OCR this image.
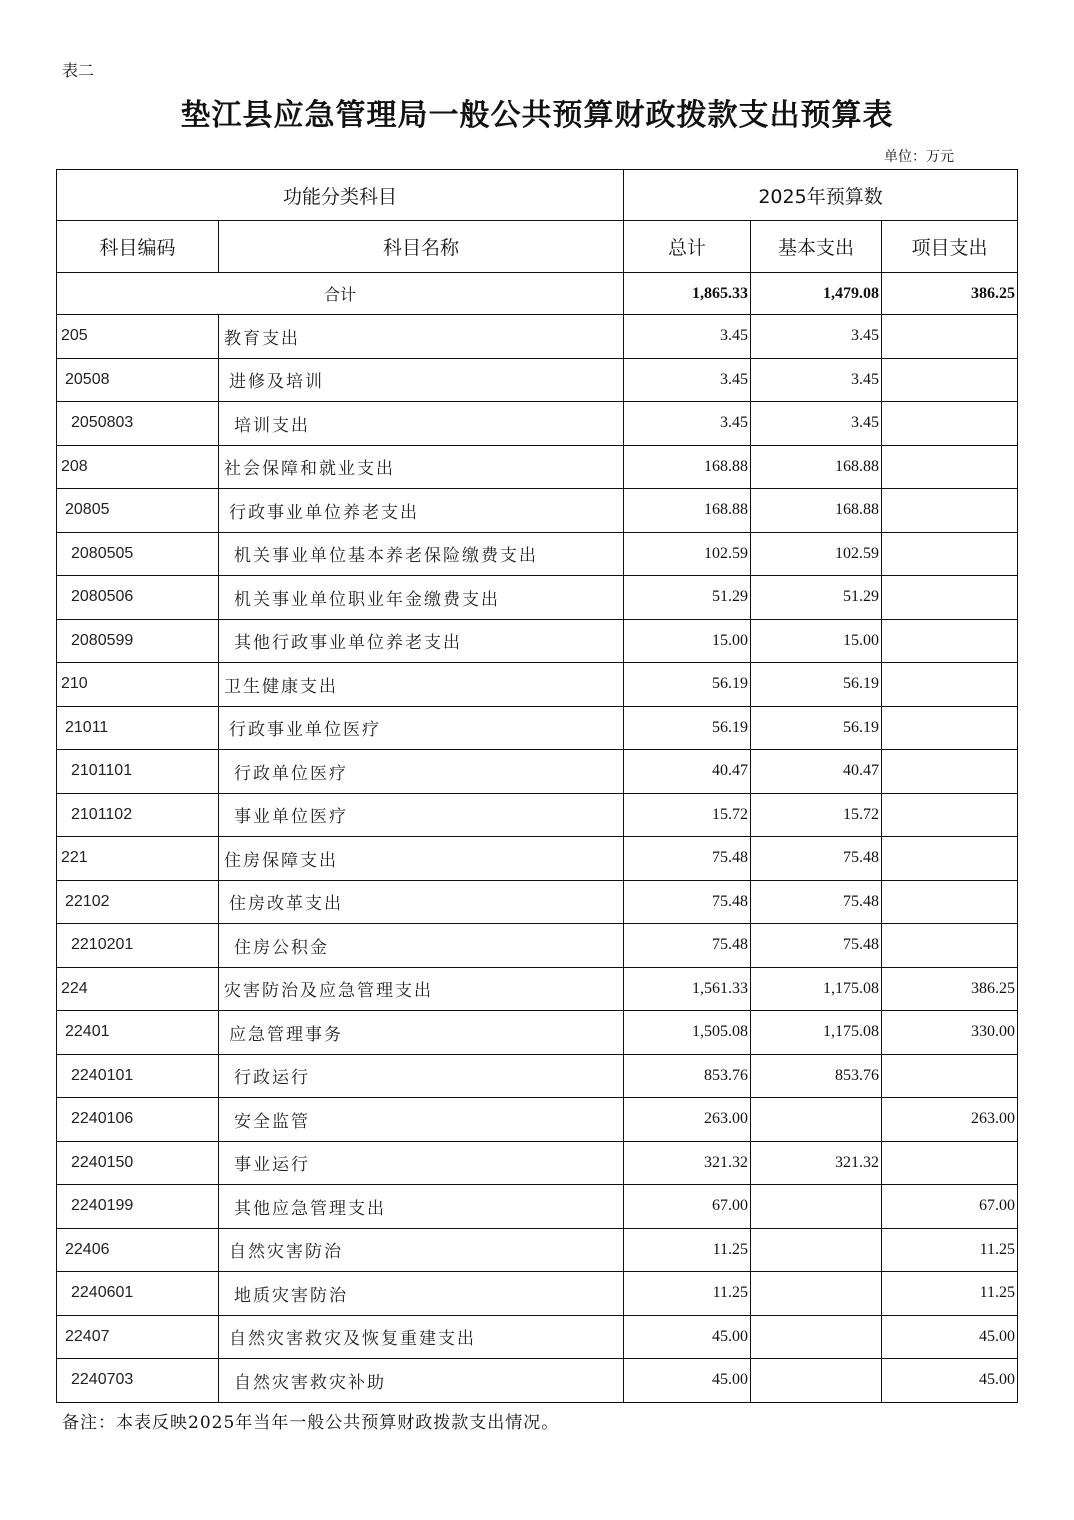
表二
垫江县应急管理局一般公共预算财政拨款支出预算表
单位：万元
功能分类科目		2025年预算数		
科目编码	科目名称	总计	基本支出	项目支出
合计		1,865.33	1,479.08	386.25
205	教育支出	3.45	3.45	
20508	进修及培训	3.45	3.45	
2050803	培训支出	3.45	3.45	
208	社会保障和就业支出	168.88	168.88	
20805	行政事业单位养老支出	168.88	168.88	
2080505	机关事业单位基本养老保险缴费支出	102.59	102.59	
2080506	机关事业单位职业年金缴费支出	51.29	51.29	
2080599	其他行政事业单位养老支出	15.00	15.00	
210	卫生健康支出	56.19	56.19	
21011	行政事业单位医疗	56.19	56.19	
2101101	行政单位医疗	40.47	40.47	
2101102	事业单位医疗	15.72	15.72	
221	住房保障支出	75.48	75.48	
22102	住房改革支出	75.48	75.48	
2210201	住房公积金	75.48	75.48	
224	灾害防治及应急管理支出	1,561.33	1,175.08	386.25
22401	应急管理事务	1,505.08	1,175.08	330.00
2240101	行政运行	853.76	853.76	
2240106	安全监管	263.00		263.00
2240150	事业运行	321.32	321.32	
2240199	其他应急管理支出	67.00		67.00
22406	自然灾害防治	11.25		11.25
2240601	地质灾害防治	11.25		11.25
22407	自然灾害救灾及恢复重建支出	45.00		45.00
2240703	自然灾害救灾补助	45.00		45.00
备注：本表反映2025年当年一般公共预算财政拨款支出情况。
